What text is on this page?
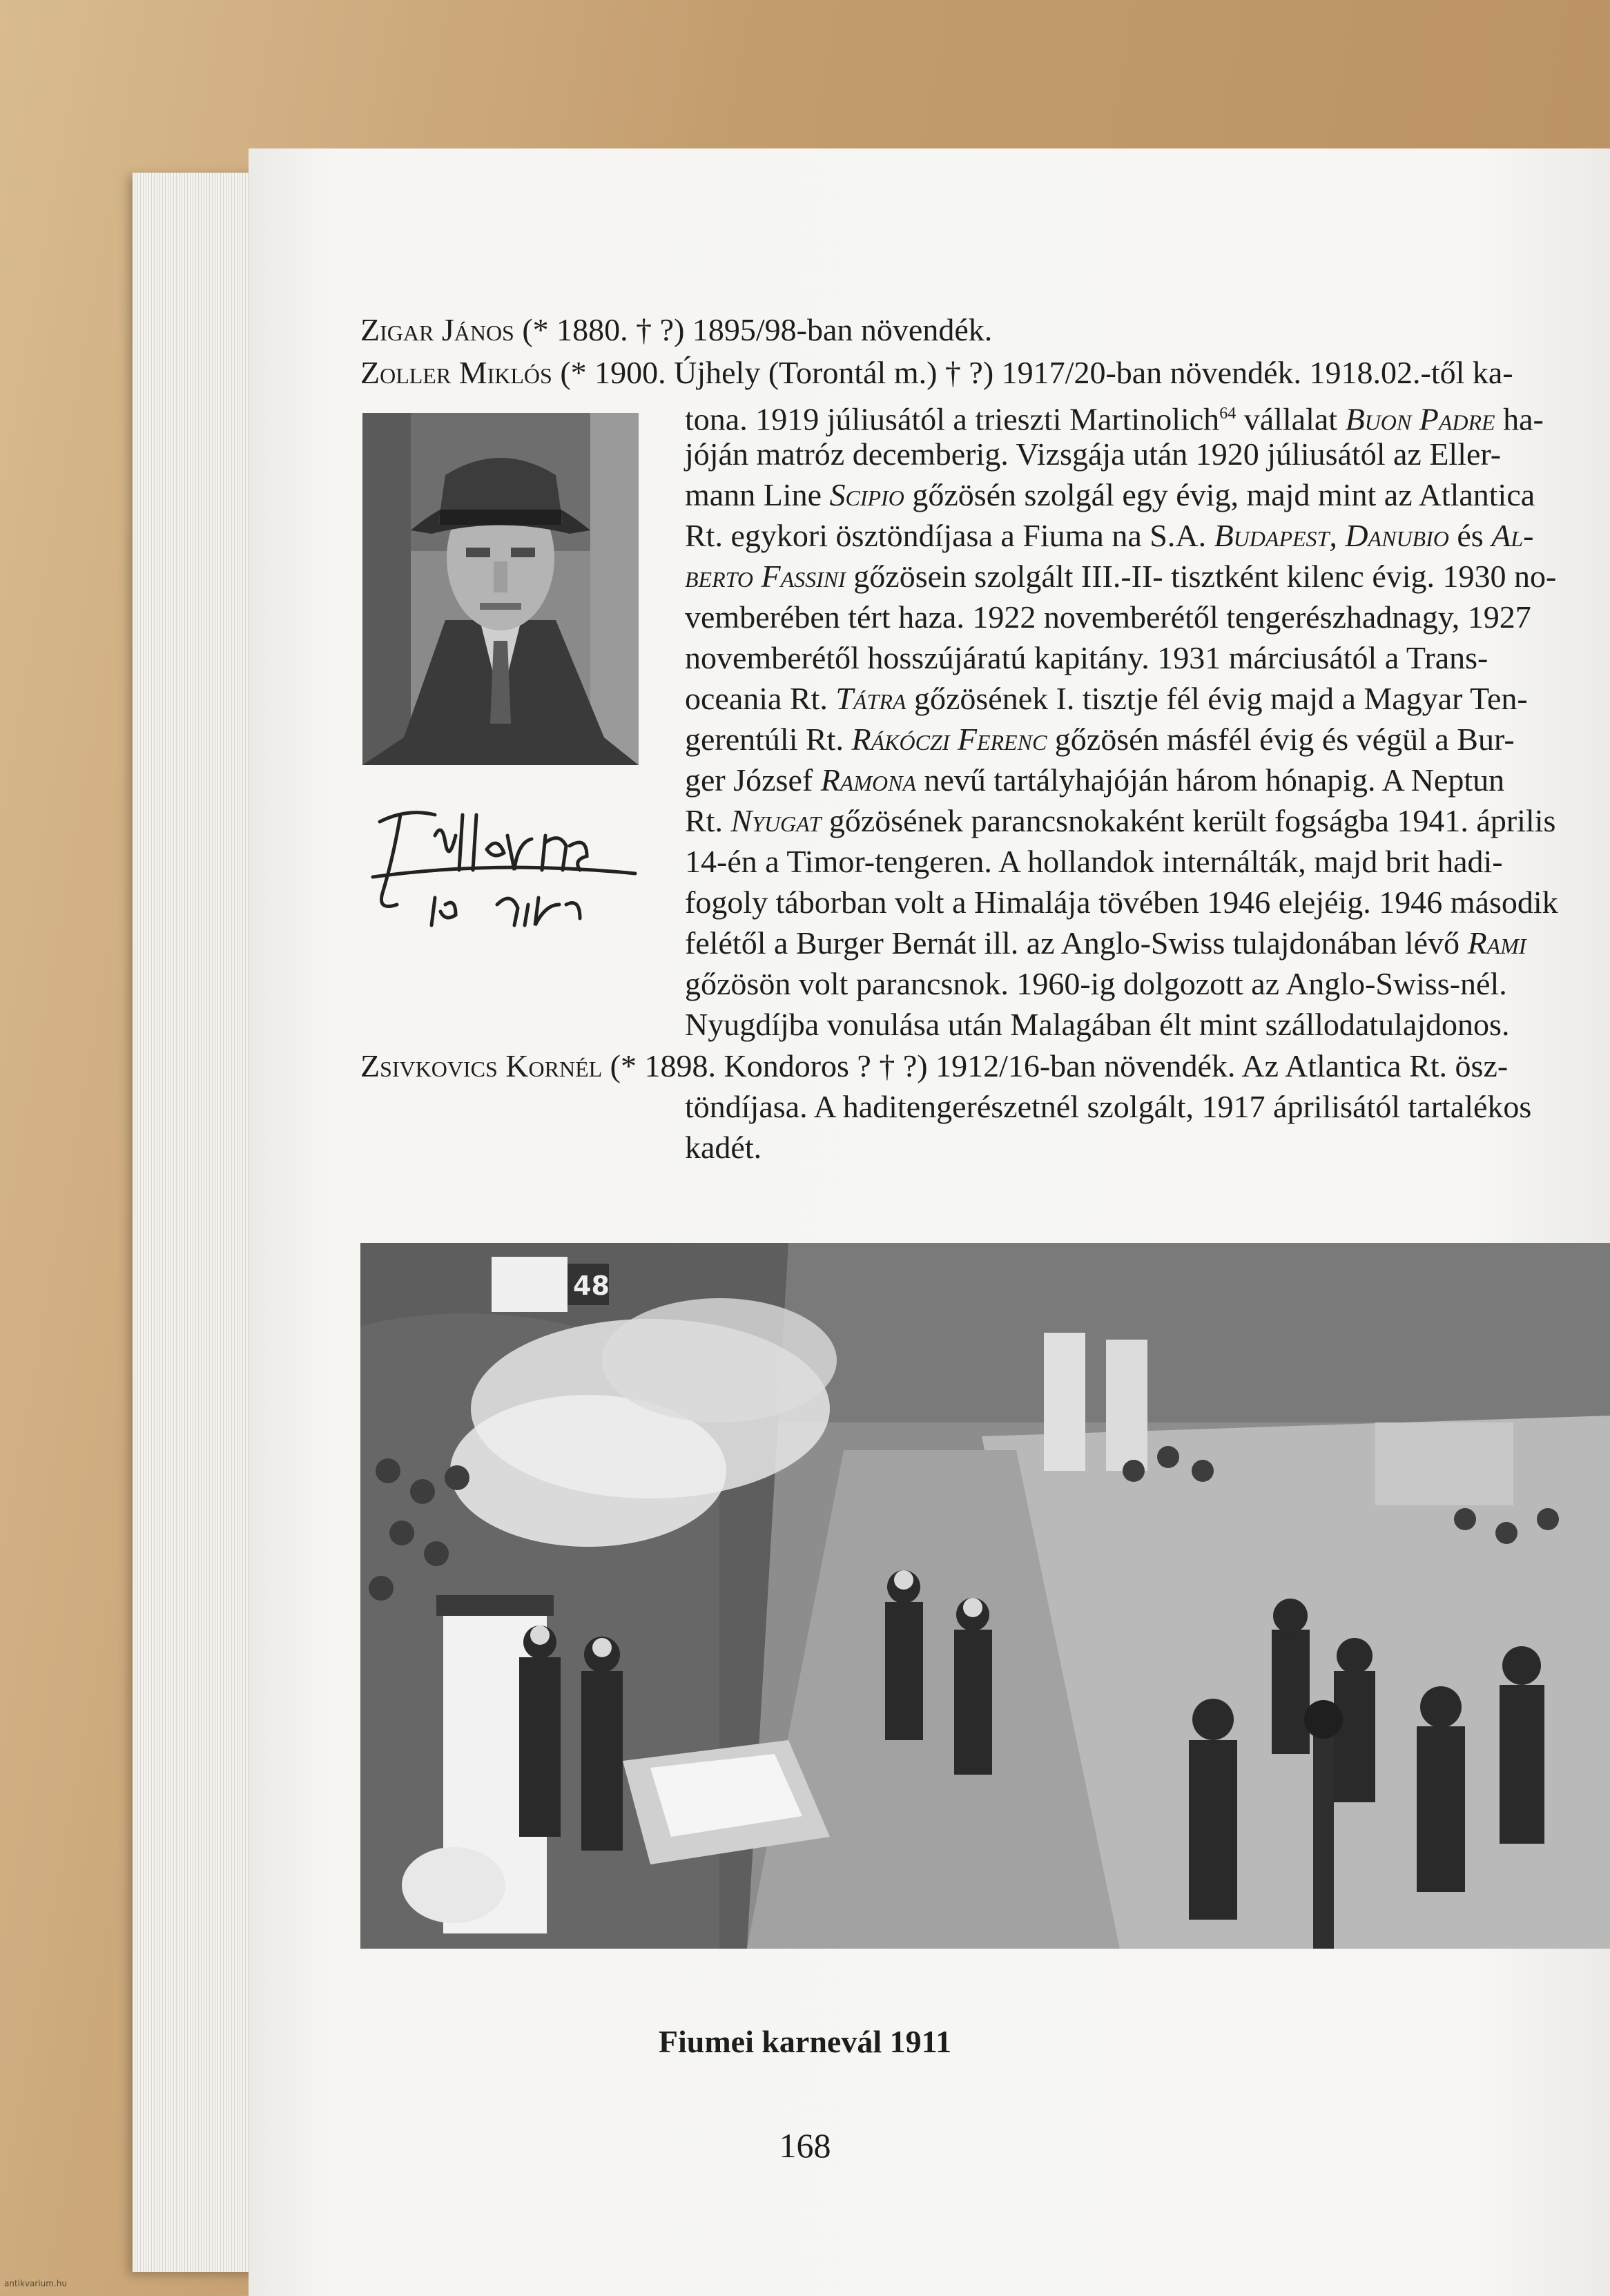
Zigar János (* 1880. † ?) 1895/98-ban növendék.
Zoller Miklós (* 1900. Újhely (Torontál m.) † ?) 1917/20-ban növendék. 1918.02.-től ka-
tona. 1919 júliusától a trieszti Martinolich$^{64}$ vállalat Buon Padre ha-
jóján matróz decemberig. Vizsgája után 1920 júliusától az Eller-
mann Line Scipio gőzösén szolgál egy évig, majd mint az Atlantica
Rt. egykori ösztöndíjasa a Fiuma na S.A. Budapest, Danubio és Al-
berto Fassini gőzösein szolgált III.-II- tisztként kilenc évig. 1930 no-
vemberében tért haza. 1922 novemberétől tengerészhadnagy, 1927
novemberétől hosszújáratú kapitány. 1931 márciusától a Trans-
oceania Rt. Tátra gőzösének I. tisztje fél évig majd a Magyar Ten-
gerentúli Rt. Rákóczi Ferenc gőzösén másfél évig és végül a Bur-
ger József Ramona nevű tartályhajóján három hónapig. A Neptun
Rt. Nyugat gőzösének parancsnokaként került fogságba 1941. április
14-én a Timor-tengeren. A hollandok internálták, majd brit hadi-
fogoly táborban volt a Himalája tövében 1946 elejéig. 1946 második
felétől a Burger Bernát ill. az Anglo-Swiss tulajdonában lévő Rami
gőzösön volt parancsnok. 1960-ig dolgozott az Anglo-Swiss-nél.
Nyugdíjba vonulása után Malagában élt mint szállodatulajdonos.
Zsivkovics Kornél (* 1898. Kondoros ? † ?) 1912/16-ban növendék. Az Atlantica Rt. ösz-
töndíjasa. A haditengerészetnél szolgált, 1917 áprilisától tartalékos
kadét.
48
Fiumei karnevál 1911
168
antikvarium.hu
